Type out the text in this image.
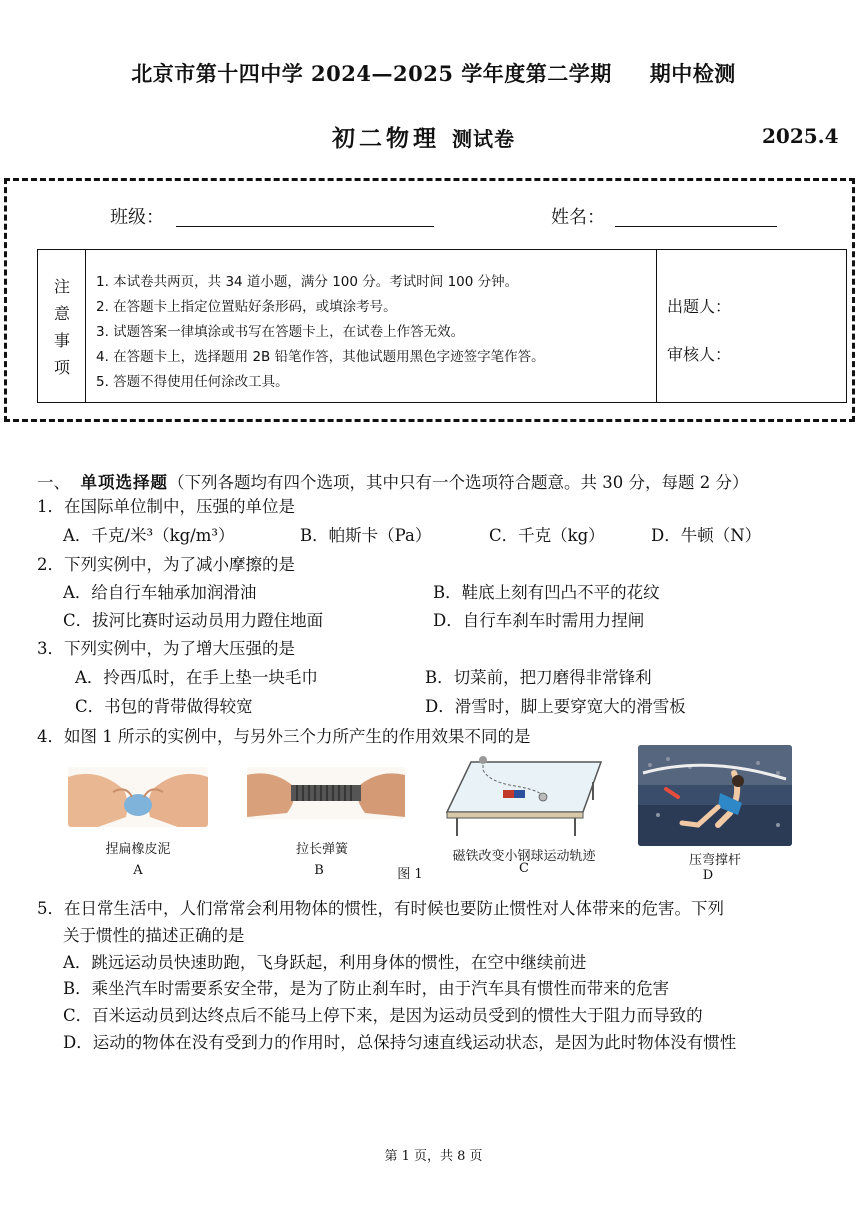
北京市第十四中学 2024—2025 学年度第二学期 期中检测
初二物理 测试卷	2025.4
班级：	姓名：
注
意
事
项
1. 本试卷共两页，共 34 道小题，满分 100 分。考试时间 100 分钟。
2. 在答题卡上指定位置贴好条形码，或填涂考号。
3. 试题答案一律填涂或书写在答题卡上，在试卷上作答无效。
4. 在答题卡上，选择题用 2B 铅笔作答，其他试题用黑色字迹签字笔作答。
5. 答题不得使用任何涂改工具。
出题人：
审核人：
一、 单项选择题（下列各题均有四个选项，其中只有一个选项符合题意。共 30 分，每题 2 分）
1．在国际单位制中，压强的单位是
A．千克/米³（kg/m³）	B．帕斯卡（Pa）	C．千克（kg）	D．牛顿（N）
2．下列实例中，为了减小摩擦的是
A．给自行车轴承加润滑油	B．鞋底上刻有凹凸不平的花纹
C．拔河比赛时运动员用力蹬住地面	D．自行车刹车时需用力捏闸
3．下列实例中，为了增大压强的是
A．拎西瓜时，在手上垫一块毛巾	B．切菜前，把刀磨得非常锋利
C．书包的背带做得较宽	D．滑雪时，脚上要穿宽大的滑雪板
4．如图 1 所示的实例中，与另外三个力所产生的作用效果不同的是
捏扁橡皮泥
A
拉长弹簧
B	图 1
磁铁改变小钢球运动轨迹
C
压弯撑杆
D
5．在日常生活中，人们常常会利用物体的惯性，有时候也要防止惯性对人体带来的危害。下列
关于惯性的描述正确的是
A．跳远运动员快速助跑，飞身跃起，利用身体的惯性，在空中继续前进
B．乘坐汽车时需要系安全带，是为了防止刹车时，由于汽车具有惯性而带来的危害
C．百米运动员到达终点后不能马上停下来，是因为运动员受到的惯性大于阻力而导致的
D．运动的物体在没有受到力的作用时，总保持匀速直线运动状态，是因为此时物体没有惯性
第 1 页，共 8 页
